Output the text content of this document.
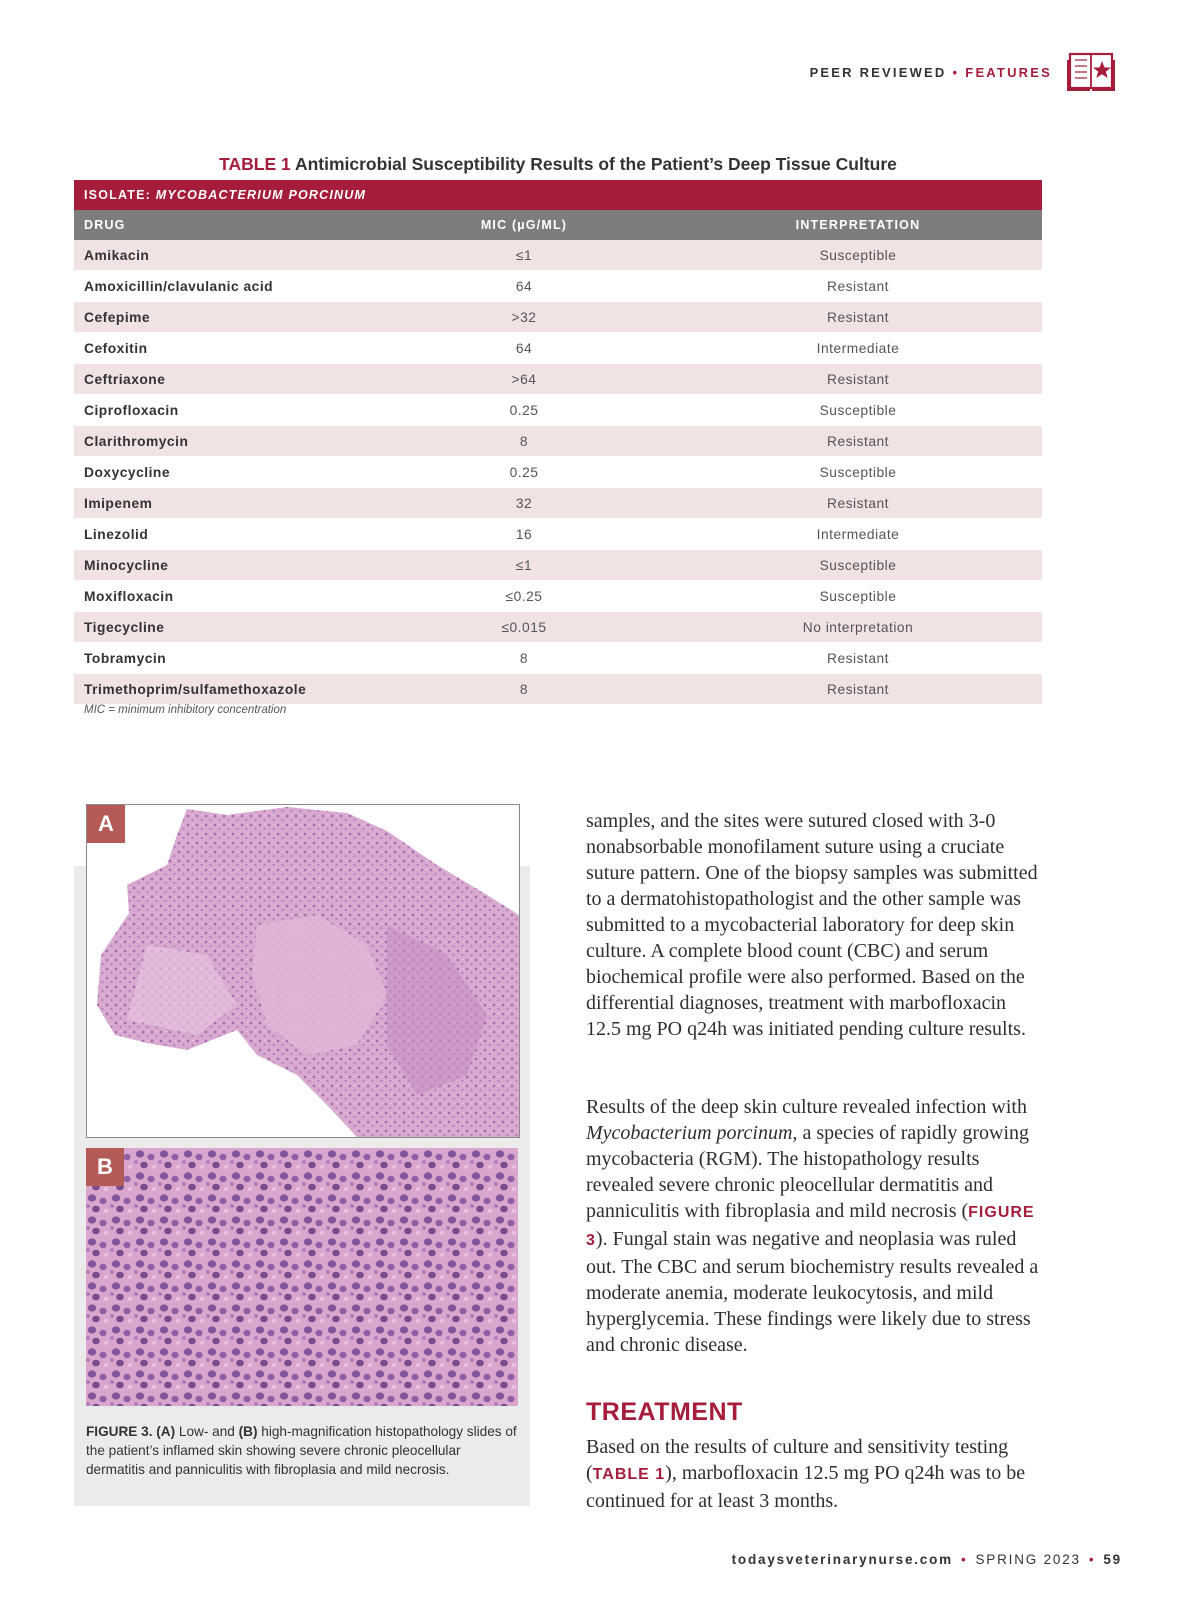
PEER REVIEWED • FEATURES
TABLE 1 Antimicrobial Susceptibility Results of the Patient’s Deep Tissue Culture
ISOLATE: MYCOBACTERIUM PORCINUM		
DRUG	MIC (µG/ML)	INTERPRETATION
Amikacin	≤1	Susceptible
Amoxicillin/clavulanic acid	64	Resistant
Cefepime	>32	Resistant
Cefoxitin	64	Intermediate
Ceftriaxone	>64	Resistant
Ciprofloxacin	0.25	Susceptible
Clarithromycin	8	Resistant
Doxycycline	0.25	Susceptible
Imipenem	32	Resistant
Linezolid	16	Intermediate
Minocycline	≤1	Susceptible
Moxifloxacin	≤0.25	Susceptible
Tigecycline	≤0.015	No interpretation
Tobramycin	8	Resistant
Trimethoprim/sulfamethoxazole	8	Resistant
MIC = minimum inhibitory concentration
A
B
FIGURE 3. (A) Low- and (B) high-magnification histopathology slides of the patient’s inflamed skin showing severe chronic pleocellular dermatitis and panniculitis with fibroplasia and mild necrosis.

samples, and the sites were sutured closed with 3-0 nonabsorbable monofilament suture using a cruciate suture pattern. One of the biopsy samples was submitted to a dermatohistopathologist and the other sample was submitted to a mycobacterial laboratory for deep skin culture. A complete blood count (CBC) and serum biochemical profile were also performed. Based on the differential diagnoses, treatment with marbofloxacin 12.5 mg PO q24h was initiated pending culture results.

Results of the deep skin culture revealed infection with Mycobacterium porcinum, a species of rapidly growing mycobacteria (RGM). The histopathology results revealed severe chronic pleocellular dermatitis and panniculitis with fibroplasia and mild necrosis (FIGURE 3). Fungal stain was negative and neoplasia was ruled out. The CBC and serum biochemistry results revealed a moderate anemia, moderate leukocytosis, and mild hyperglycemia. These findings were likely due to stress and chronic disease.

TREATMENT

Based on the results of culture and sensitivity testing (TABLE 1), marbofloxacin 12.5 mg PO q24h was to be continued for at least 3 months.

todaysveterinarynurse.com • SPRING 2023 • 59
